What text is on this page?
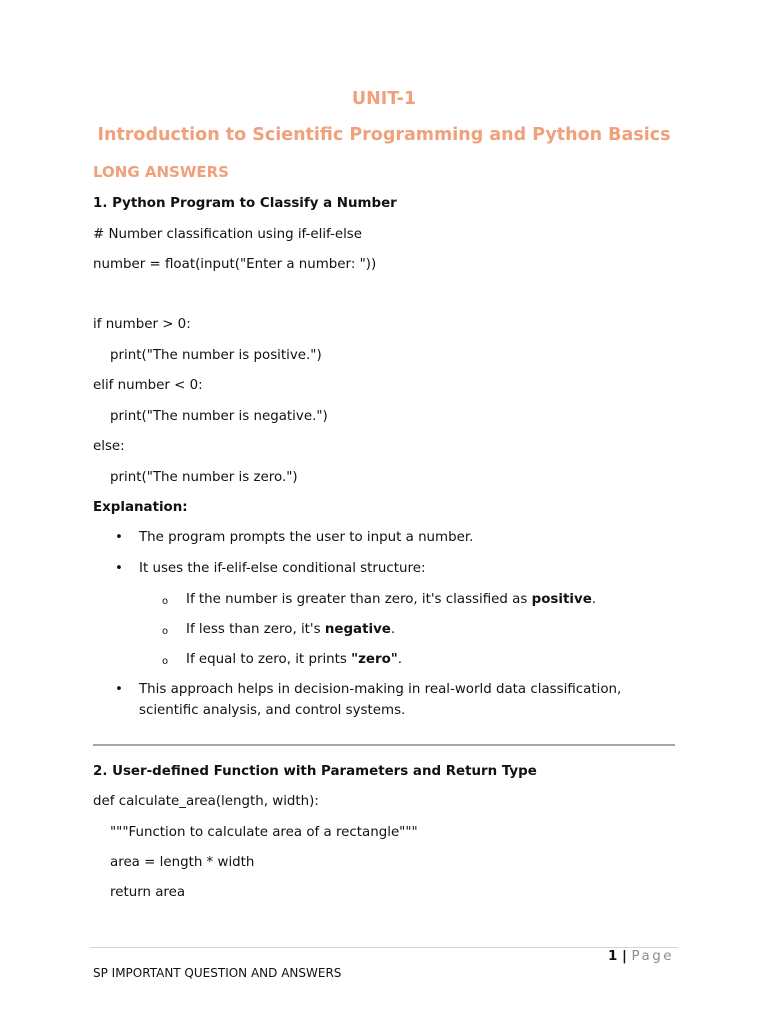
UNIT-1
Introduction to Scientific Programming and Python Basics
LONG ANSWERS
1. Python Program to Classify a Number
# Number classification using if-elif-else
number = float(input("Enter a number: "))
if number > 0:
print("The number is positive.")
elif number < 0:
print("The number is negative.")
else:
print("The number is zero.")
Explanation:
• The program prompts the user to input a number.
• It uses the if-elif-else conditional structure:
o If the number is greater than zero, it's classified as positive.
o If less than zero, it's negative.
o If equal to zero, it prints "zero".
• This approach helps in decision-making in real-world data classification,
scientific analysis, and control systems.
2. User-defined Function with Parameters and Return Type
def calculate_area(length, width):
"""Function to calculate area of a rectangle"""
area = length * width
return area
1 | Page
SP IMPORTANT QUESTION AND ANSWERS
